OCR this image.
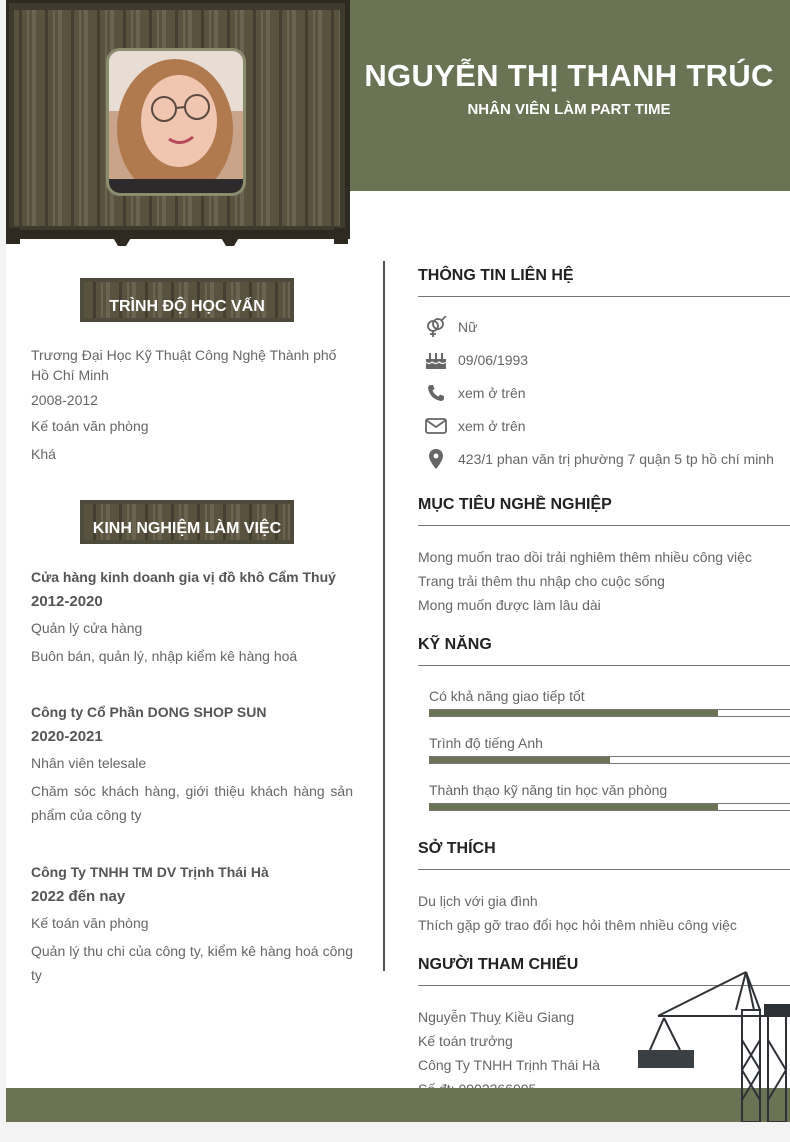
NGUYỄN THỊ THANH TRÚC
NHÂN VIÊN LÀM PART TIME
TRÌNH ĐỘ HỌC VẤN
Trương Đại Học Kỹ Thuật Công Nghệ Thành phố Hồ Chí Minh
2008-2012
Kế toán văn phòng
Khá
KINH NGHIỆM LÀM VIỆC
Cửa hàng kinh doanh gia vị đồ khô Cẩm Thuý
2012-2020
Quản lý cửa hàng
Buôn bán, quản lý, nhập kiểm kê hàng hoá
Công ty Cổ Phần DONG SHOP SUN
2020-2021
Nhân viên telesale
Chăm sóc khách hàng, giới thiệu khách hàng sản phẩm của công ty
Công Ty TNHH TM DV Trịnh Thái Hà
2022 đến nay
Kế toán văn phòng
Quản lý thu chi của công ty, kiểm kê hàng hoá công ty
THÔNG TIN LIÊN HỆ
Nữ
09/06/1993
xem ở trên
xem ở trên
423/1 phan văn trị phường 7 quận 5 tp hồ chí minh
MỤC TIÊU NGHỀ NGHIỆP
Mong muốn trao dồi trải nghiêm thêm nhiều công việc
Trang trải thêm thu nhập cho cuộc sống
Mong muốn được làm lâu dài
KỸ NĂNG
Có khả năng giao tiếp tốt
Trình độ tiếng Anh
Thành thạo kỹ năng tin học văn phòng
SỞ THÍCH
Du lịch với gia đình
Thích gặp gỡ trao đổi học hỏi thêm nhiều công việc
NGƯỜI THAM CHIẾU
Nguyễn Thuỵ Kiều Giang
Kế toán trưởng
Công Ty TNHH Trịnh Thái Hà
